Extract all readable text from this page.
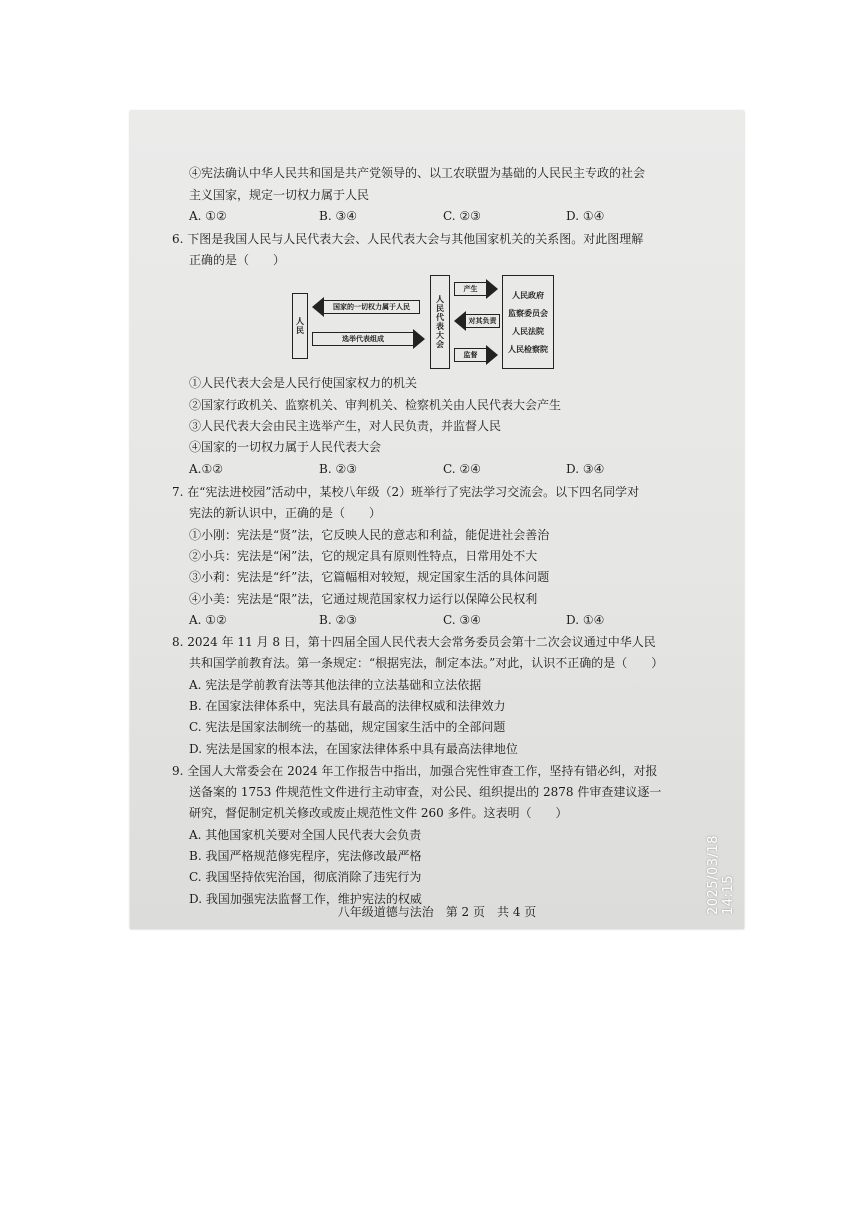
④宪法确认中华人民共和国是共产党领导的、以工农联盟为基础的人民民主专政的社会
主义国家，规定一切权力属于人民
A. ①②	B. ③④	C. ②③	D. ①④
6. 下图是我国人民与人民代表大会、人民代表大会与其他国家机关的关系图。对此图理解
正确的是（　　）
人民
国家的一切权力属于人民
选举代表组成	人民代表大会
产生
对其负责
监督
人民政府
监察委员会
人民法院
人民检察院
①人民代表大会是人民行使国家权力的机关
②国家行政机关、监察机关、审判机关、检察机关由人民代表大会产生
③人民代表大会由民主选举产生，对人民负责，并监督人民
④国家的一切权力属于人民代表大会
A.①②	B. ②③	C. ②④	D. ③④
7. 在“宪法进校园”活动中，某校八年级（2）班举行了宪法学习交流会。以下四名同学对
宪法的新认识中，正确的是（　　）
①小刚：宪法是“贤”法，它反映人民的意志和利益，能促进社会善治
②小兵：宪法是“闲”法，它的规定具有原则性特点，日常用处不大
③小莉：宪法是“纤”法，它篇幅相对较短，规定国家生活的具体问题
④小美：宪法是“限”法，它通过规范国家权力运行以保障公民权利
A. ①②	B. ②③	C. ③④	D. ①④
8. 2024 年 11 月 8 日，第十四届全国人民代表大会常务委员会第十二次会议通过中华人民
共和国学前教育法。第一条规定：“根据宪法，制定本法。”对此，认识不正确的是（　　）
A. 宪法是学前教育法等其他法律的立法基础和立法依据
B. 在国家法律体系中，宪法具有最高的法律权威和法律效力
C. 宪法是国家法制统一的基础，规定国家生活中的全部问题
D. 宪法是国家的根本法，在国家法律体系中具有最高法律地位
9. 全国人大常委会在 2024 年工作报告中指出，加强合宪性审查工作，坚持有错必纠，对报
送备案的 1753 件规范性文件进行主动审查，对公民、组织提出的 2878 件审查建议逐一
研究，督促制定机关修改或废止规范性文件 260 多件。这表明（　　）
A. 其他国家机关要对全国人民代表大会负责
B. 我国严格规范修宪程序，宪法修改最严格
C. 我国坚持依宪治国，彻底消除了违宪行为
D. 我国加强宪法监督工作，维护宪法的权威
八年级道德与法治　第 2 页　共 4 页	2025/03/18 14:15
